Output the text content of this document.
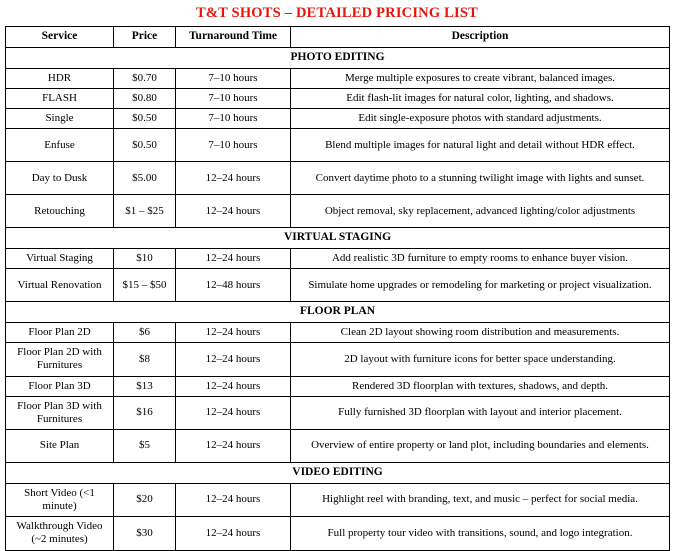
T&T SHOTS – DETAILED PRICING LIST
Service	Price	Turnaround Time	Description
PHOTO EDITING			
HDR	$0.70	7–10 hours	Merge multiple exposures to create vibrant, balanced images.
FLASH	$0.80	7–10 hours	Edit flash-lit images for natural color, lighting, and shadows.
Single	$0.50	7–10 hours	Edit single-exposure photos with standard adjustments.
Enfuse	$0.50	7–10 hours	Blend multiple images for natural light and detail without HDR effect.
Day to Dusk	$5.00	12–24 hours	Convert daytime photo to a stunning twilight image with lights and sunset.
Retouching	$1 – $25	12–24 hours	Object removal, sky replacement, advanced lighting/color adjustments
VIRTUAL STAGING			
Virtual Staging	$10	12–24 hours	Add realistic 3D furniture to empty rooms to enhance buyer vision.
Virtual Renovation	$15 – $50	12–48 hours	Simulate home upgrades or remodeling for marketing or project visualization.
FLOOR PLAN			
Floor Plan 2D	$6	12–24 hours	Clean 2D layout showing room distribution and measurements.
Floor Plan 2D with Furnitures	$8	12–24 hours	2D layout with furniture icons for better space understanding.
Floor Plan 3D	$13	12–24 hours	Rendered 3D floorplan with textures, shadows, and depth.
Floor Plan 3D with Furnitures	$16	12–24 hours	Fully furnished 3D floorplan with layout and interior placement.
Site Plan	$5	12–24 hours	Overview of entire property or land plot, including boundaries and elements.
VIDEO EDITING			
Short Video (<1 minute)	$20	12–24 hours	Highlight reel with branding, text, and music – perfect for social media.
Walkthrough Video (~2 minutes)	$30	12–24 hours	Full property tour video with transitions, sound, and logo integration.
